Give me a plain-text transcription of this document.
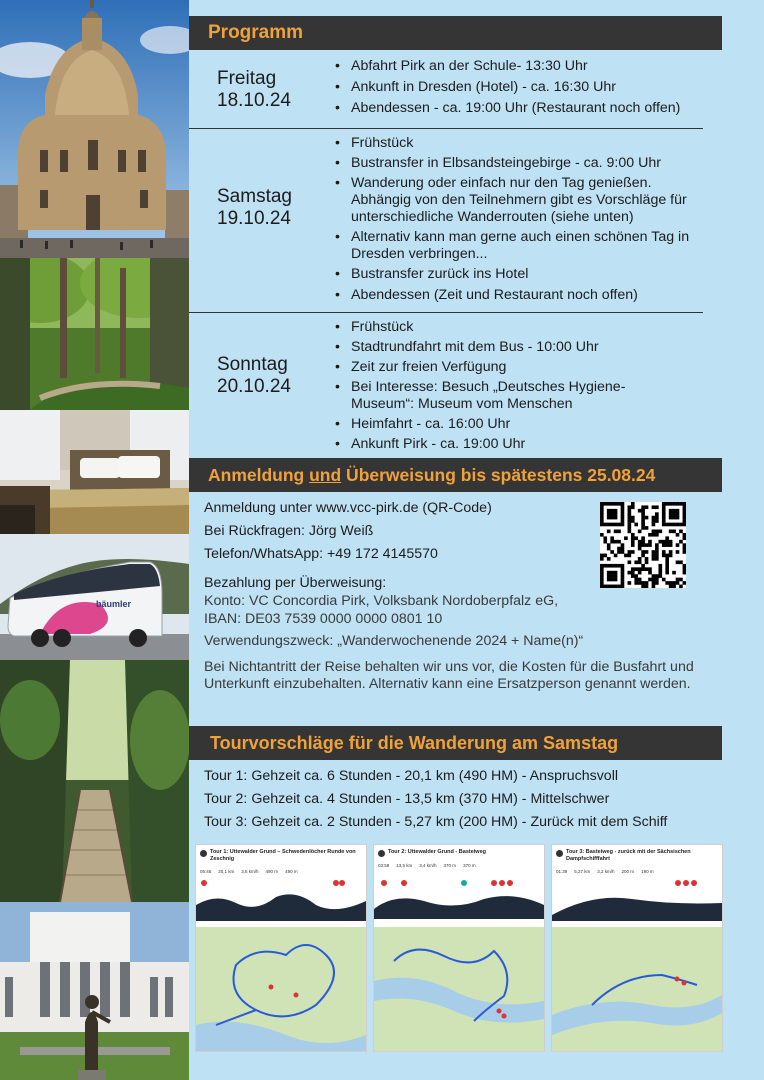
bäumler
Programm
Freitag
18.10.24
• Abfahrt Pirk an der Schule- 13:30 Uhr
• Ankunft in Dresden (Hotel) - ca. 16:30 Uhr
• Abendessen - ca. 19:00 Uhr (Restaurant noch offen)
Samstag
19.10.24
• Frühstück
• Bustransfer in Elbsandsteingebirge - ca. 9:00 Uhr
• Wanderung oder einfach nur den Tag genießen. Abhängig von den Teilnehmern gibt es Vorschläge für unterschiedliche Wanderrouten (siehe unten)
• Alternativ kann man gerne auch einen schönen Tag in Dresden verbringen...
• Bustransfer zurück ins Hotel
• Abendessen (Zeit und Restaurant noch offen)
Sonntag
20.10.24
• Frühstück
• Stadtrundfahrt mit dem Bus - 10:00 Uhr
• Zeit zur freien Verfügung
• Bei Interesse: Besuch „Deutsches Hygiene-Museum“: Museum vom Menschen
• Heimfahrt - ca. 16:00 Uhr
• Ankunft Pirk - ca. 19:00 Uhr
Anmeldung und Überweisung bis spätestens 25.08.24
Anmeldung unter www.vcc-pirk.de (QR-Code)
Bei Rückfragen: Jörg Weiß
Telefon/WhatsApp: +49 172 4145570
Bezahlung per Überweisung:
Konto: VC Concordia Pirk, Volksbank Nordoberpfalz eG,
IBAN: DE03 7539 0000 0000 0801 10
Verwendungszweck: „Wanderwochenende 2024 + Name(n)“
Bei Nichtantritt der Reise behalten wir uns vor, die Kosten für die Busfahrt und Unterkunft einzubehalten. Alternativ kann eine Ersatzperson genannt werden.
Tourvorschläge für die Wanderung am Samstag
Tour 1: Gehzeit ca. 6 Stunden - 20,1 km (490 HM) - Anspruchsvoll
Tour 2: Gehzeit ca. 4 Stunden - 13,5 km (370 HM) - Mittelschwer
Tour 3: Gehzeit ca. 2 Stunden - 5,27 km (200 HM) - Zurück mit dem Schiff
Tour 1: Uttewalder Grund – Schwedenlöcher Runde von Zeschnig
05:45 20,1 km 3,5 km/h 490 m 490 m
Tour 2: Uttewalder Grund - Basteiweg
03:58 13,5 km 3,4 km/h 370 m 370 m
Tour 3: Basteiweg - zurück mit der Sächsischen Dampfschifffahrt
01:39 5,27 km 3,2 km/h 200 m 190 m
